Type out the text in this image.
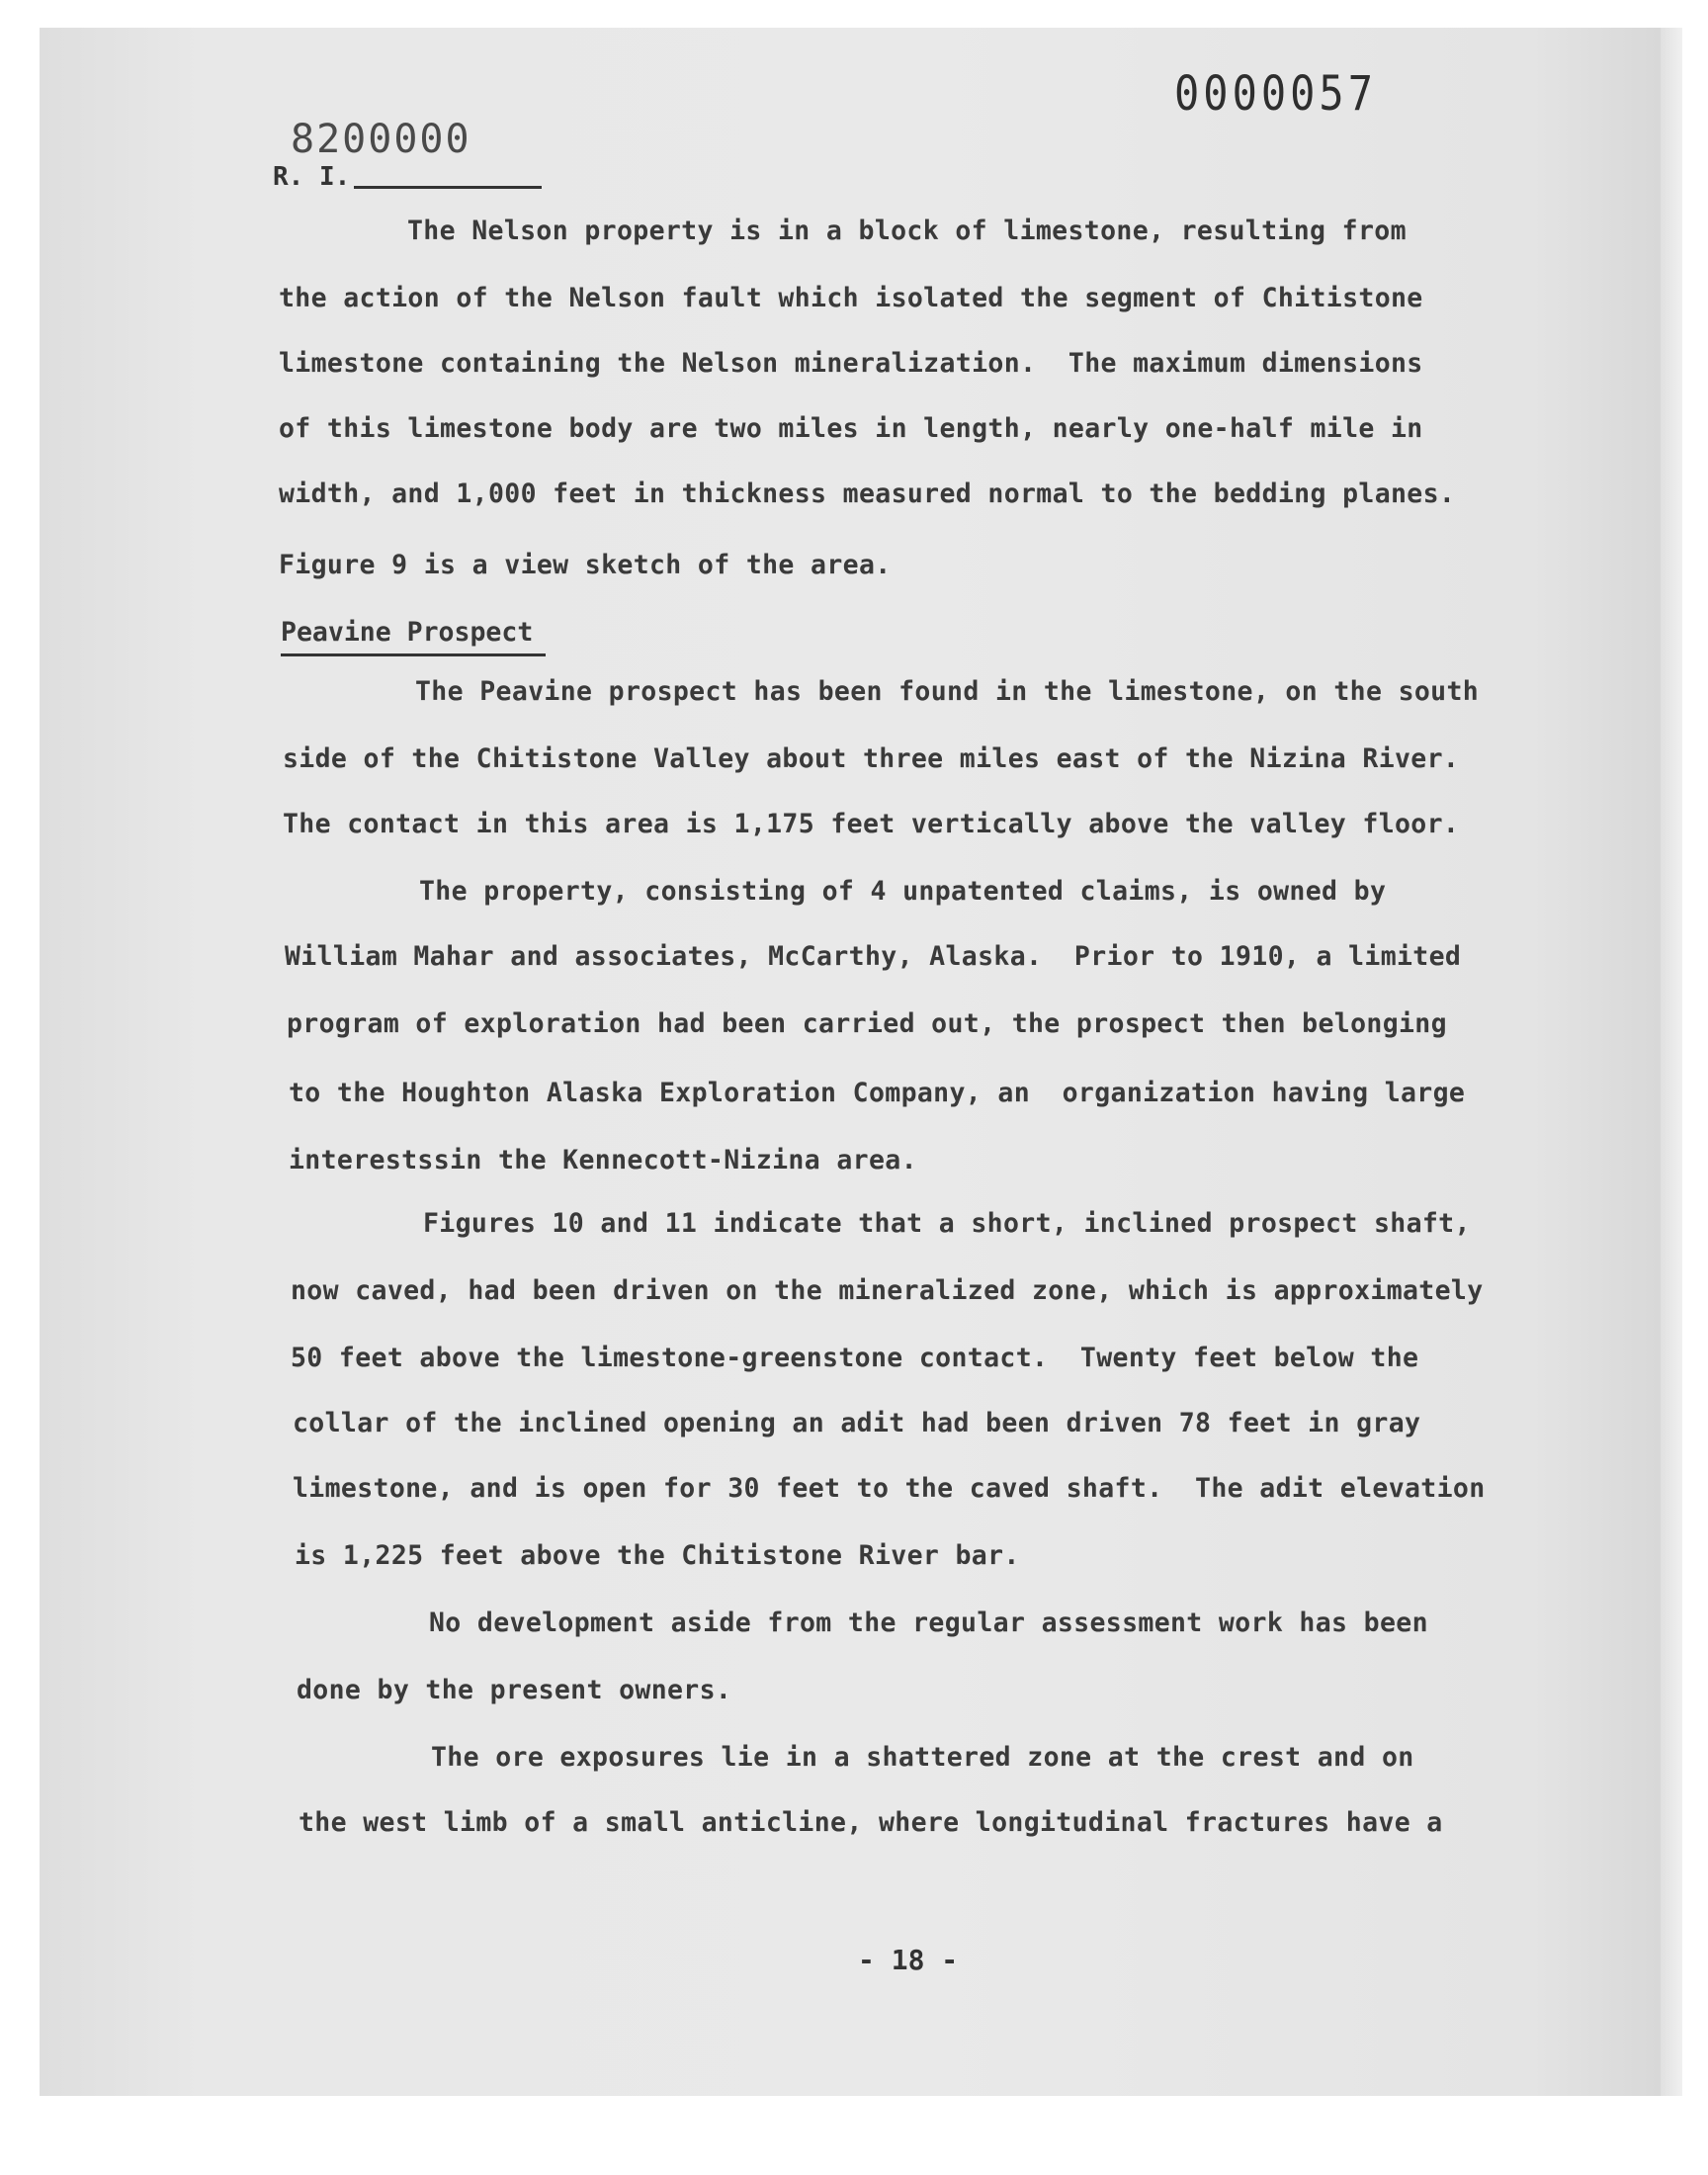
0000057
8200000
R. I.
The Nelson property is in a block of limestone, resulting from
the action of the Nelson fault which isolated the segment of Chitistone
limestone containing the Nelson mineralization.  The maximum dimensions
of this limestone body are two miles in length, nearly one-half mile in
width, and 1,000 feet in thickness measured normal to the bedding planes.
Figure 9 is a view sketch of the area.
Peavine Prospect
The Peavine prospect has been found in the limestone, on the south
side of the Chitistone Valley about three miles east of the Nizina River.
The contact in this area is 1,175 feet vertically above the valley floor.
The property, consisting of 4 unpatented claims, is owned by
William Mahar and associates, McCarthy, Alaska.  Prior to 1910, a limited
program of exploration had been carried out, the prospect then belonging
to the Houghton Alaska Exploration Company, an  organization having large
interestssin the Kennecott-Nizina area.
Figures 10 and 11 indicate that a short, inclined prospect shaft,
now caved, had been driven on the mineralized zone, which is approximately
50 feet above the limestone-greenstone contact.  Twenty feet below the
collar of the inclined opening an adit had been driven 78 feet in gray
limestone, and is open for 30 feet to the caved shaft.  The adit elevation
is 1,225 feet above the Chitistone River bar.
No development aside from the regular assessment work has been
done by the present owners.
The ore exposures lie in a shattered zone at the crest and on
the west limb of a small anticline, where longitudinal fractures have a
- 18 -
